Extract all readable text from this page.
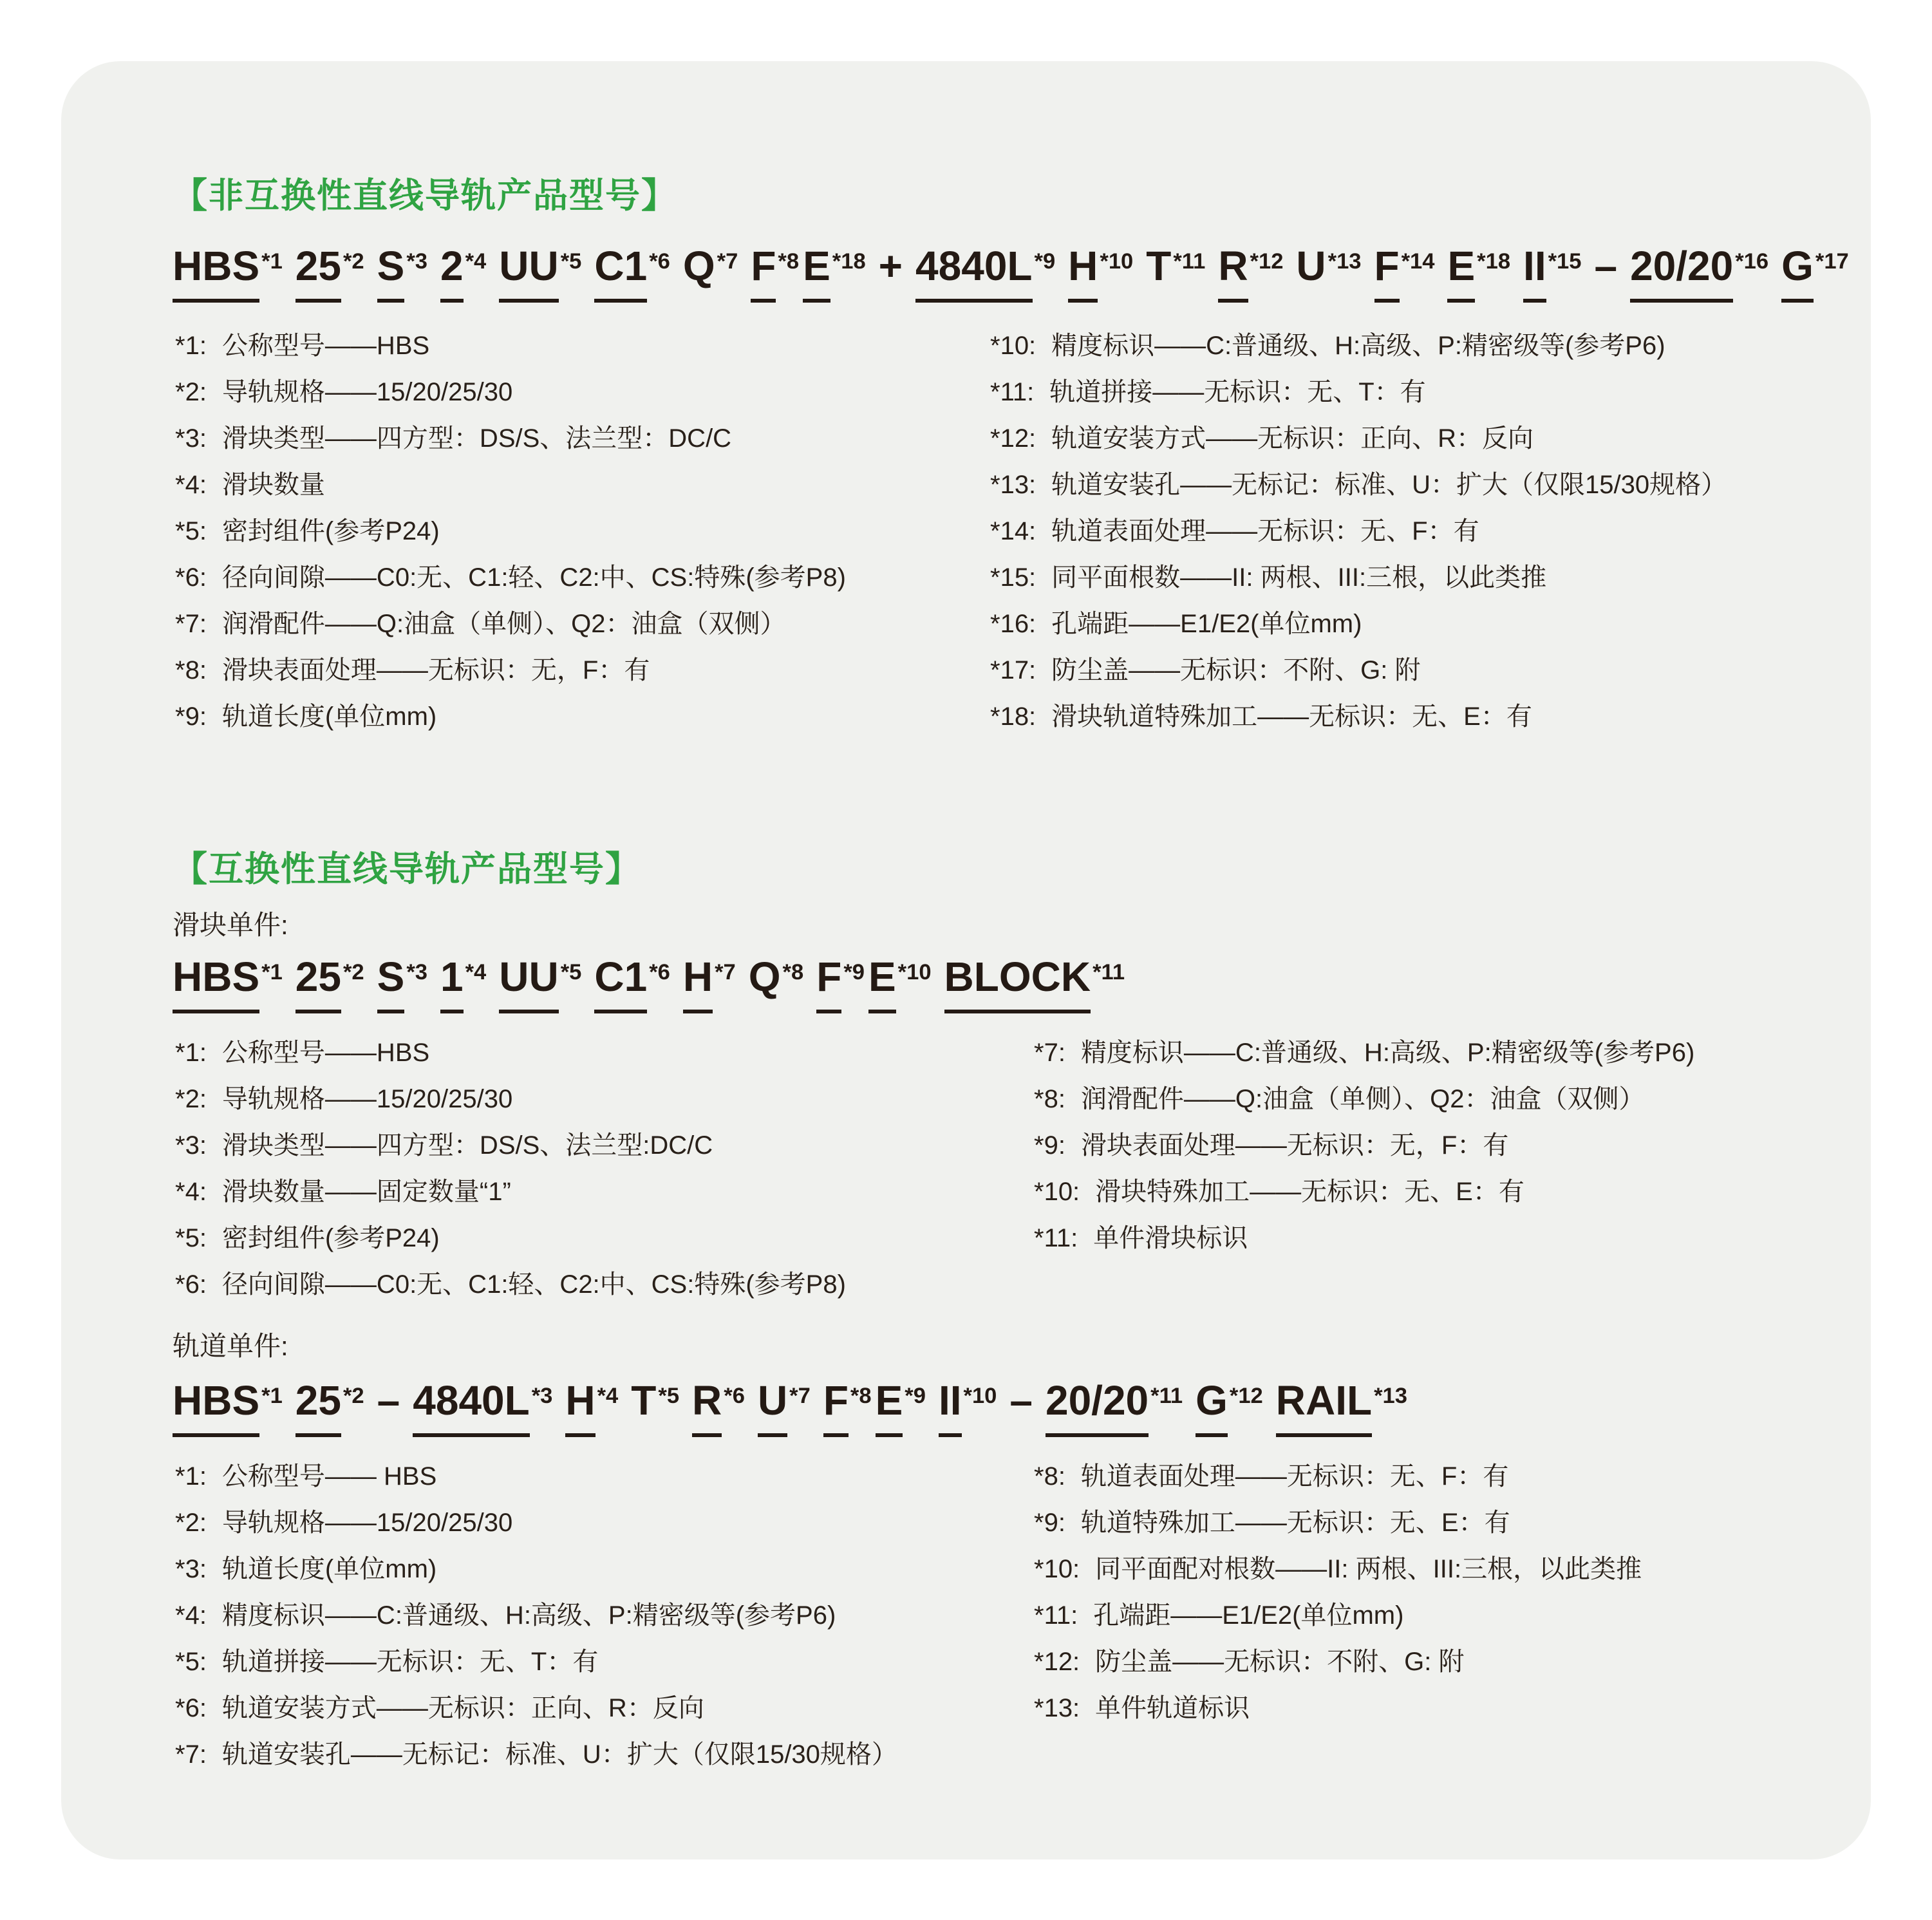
【非互换性直线导轨产品型号】
HBS$^{*1}$ 25$^{*2}$ $S^{*3}$ 2$^{*4}$ UU$^{*5}$ C1$^{*6}$ $Q^{*7}$ $F^{*8}E^{*18} + 4840L^{*9}$ $H^{*10}$ $T^{*11}$ $R^{*12}$ $U^{*13}$ $F^{*14}$ $E^{*18}$ II$^{*15}$ – 20/20$^{*16}$ $G^{*17}$
*1: 公称型号——HBS
*2: 导轨规格——15/20/25/30
*3: 滑块类型——四方型：DS/S、法兰型：DC/C
*4: 滑块数量
*5: 密封组件(参考P24)
*6: 径向间隙——C0:无、C1:轻、C2:中、CS:特殊(参考P8)
*7: 润滑配件——Q:油盒（单侧）、Q2：油盒（双侧）
*8: 滑块表面处理——无标识：无，F：有
*9: 轨道长度(单位mm)
*10: 精度标识——C:普通级、H:高级、P:精密级等(参考P6)
*11: 轨道拼接——无标识：无、T：有
*12: 轨道安装方式——无标识：正向、R：反向
*13: 轨道安装孔——无标记：标准、U：扩大（仅限15/30规格）
*14: 轨道表面处理——无标识：无、F：有
*15: 同平面根数——II: 两根、III:三根，以此类推
*16: 孔端距——E1/E2(单位mm)
*17: 防尘盖——无标识：不附、G: 附
*18: 滑块轨道特殊加工——无标识：无、E：有
【互换性直线导轨产品型号】
滑块单件:
HBS$^{*1}$ 25$^{*2}$ $S^{*3}$ 1$^{*4}$ UU$^{*5}$ C1$^{*6}$ $H^{*7}$ $Q^{*8}$ $F^{*9}E^{*10}$ BLOCK$^{*11}$
*1: 公称型号——HBS
*2: 导轨规格——15/20/25/30
*3: 滑块类型——四方型：DS/S、法兰型:DC/C
*4: 滑块数量——固定数量“1”
*5: 密封组件(参考P24)
*6: 径向间隙——C0:无、C1:轻、C2:中、CS:特殊(参考P8)
*7: 精度标识——C:普通级、H:高级、P:精密级等(参考P6)
*8: 润滑配件——Q:油盒（单侧）、Q2：油盒（双侧）
*9: 滑块表面处理——无标识：无，F：有
*10: 滑块特殊加工——无标识：无、E：有
*11: 单件滑块标识
轨道单件:
HBS$^{*1}$ $25^{*2} - 4840L^{*3}$ $H^{*4}$ $T^{*5}$ $R^{*6}$ $U^{*7}$ $F^{*8}E^{*9}$ II$^{*10}$ – 20/20$^{*11}$ $G^{*12}$ RAIL$^{*13}$
*1: 公称型号—— HBS
*2: 导轨规格——15/20/25/30
*3: 轨道长度(单位mm)
*4: 精度标识——C:普通级、H:高级、P:精密级等(参考P6)
*5: 轨道拼接——无标识：无、T：有
*6: 轨道安装方式——无标识：正向、R：反向
*7: 轨道安装孔——无标记：标准、U：扩大（仅限15/30规格）
*8: 轨道表面处理——无标识：无、F：有
*9: 轨道特殊加工——无标识：无、E：有
*10: 同平面配对根数——II: 两根、III:三根，以此类推
*11: 孔端距——E1/E2(单位mm)
*12: 防尘盖——无标识：不附、G: 附
*13: 单件轨道标识
